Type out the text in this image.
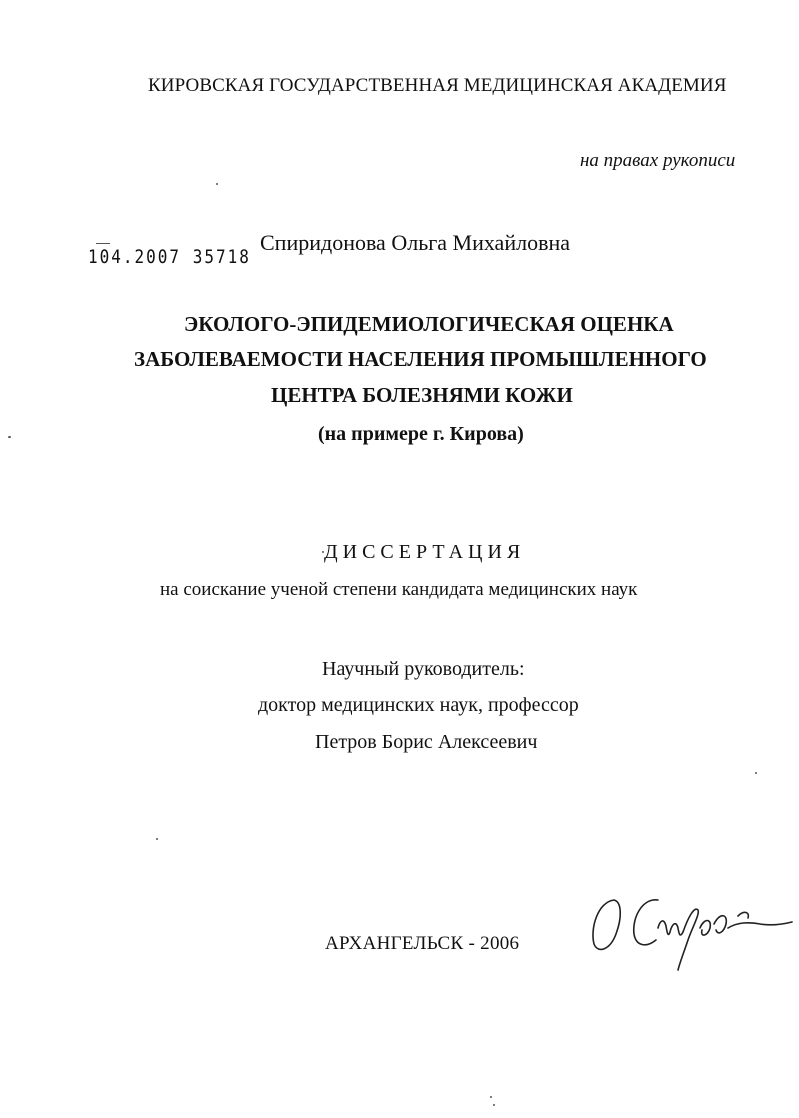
КИРОВСКАЯ ГОСУДАРСТВЕННАЯ МЕДИЦИНСКАЯ АКАДЕМИЯ
на правах рукописи
104.2007 35718
Спиридонова Ольга Михайловна
ЭКОЛОГО-ЭПИДЕМИОЛОГИЧЕСКАЯ ОЦЕНКА
ЗАБОЛЕВАЕМОСТИ НАСЕЛЕНИЯ ПРОМЫШЛЕННОГО
ЦЕНТРА БОЛЕЗНЯМИ КОЖИ
(на примере г. Кирова)
ДИССЕРТАЦИЯ
на соискание ученой степени кандидата медицинских наук
Научный руководитель:
доктор медицинских наук, профессор
Петров Борис Алексеевич
АРХАНГЕЛЬСК - 2006
